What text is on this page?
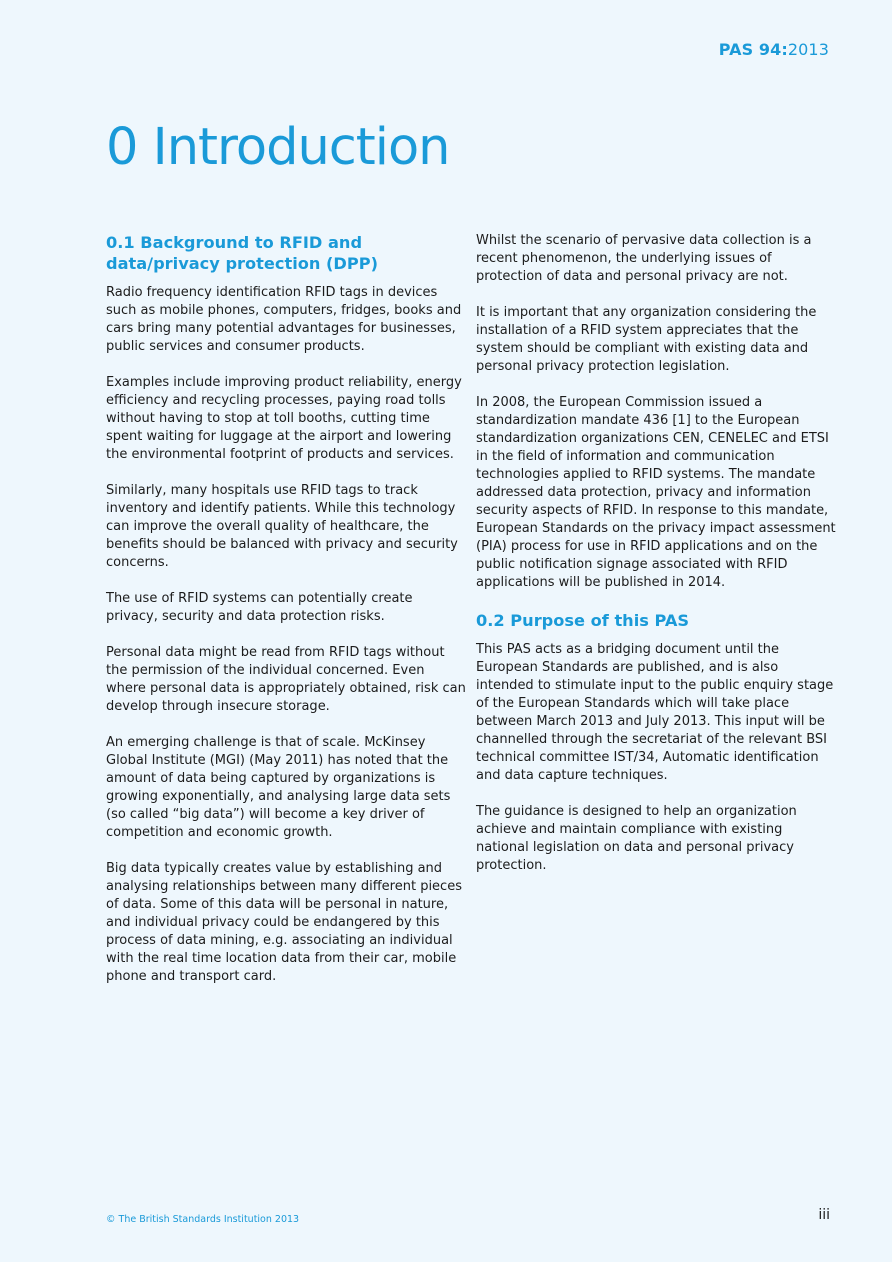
PAS 94:2013
0 Introduction
0.1 Background to RFID and data/privacy protection (DPP)

Radio frequency identification RFID tags in devices such as mobile phones, computers, fridges, books and cars bring many potential advantages for businesses, public services and consumer products.

Examples include improving product reliability, energy efficiency and recycling processes, paying road tolls without having to stop at toll booths, cutting time spent waiting for luggage at the airport and lowering the environmental footprint of products and services.

Similarly, many hospitals use RFID tags to track inventory and identify patients. While this technology can improve the overall quality of healthcare, the benefits should be balanced with privacy and security concerns.

The use of RFID systems can potentially create privacy, security and data protection risks.

Personal data might be read from RFID tags without the permission of the individual concerned. Even where personal data is appropriately obtained, risk can develop through insecure storage.

An emerging challenge is that of scale. McKinsey Global Institute (MGI) (May 2011) has noted that the amount of data being captured by organizations is growing exponentially, and analysing large data sets (so called “big data”) will become a key driver of competition and economic growth.

Big data typically creates value by establishing and analysing relationships between many different pieces of data. Some of this data will be personal in nature, and individual privacy could be endangered by this process of data mining, e.g. associating an individual with the real time location data from their car, mobile phone and transport card.

Whilst the scenario of pervasive data collection is a recent phenomenon, the underlying issues of protection of data and personal privacy are not.

It is important that any organization considering the installation of a RFID system appreciates that the system should be compliant with existing data and personal privacy protection legislation.

In 2008, the European Commission issued a standardization mandate 436 [1] to the European standardization organizations CEN, CENELEC and ETSI in the field of information and communication technologies applied to RFID systems. The mandate addressed data protection, privacy and information security aspects of RFID. In response to this mandate, European Standards on the privacy impact assessment (PIA) process for use in RFID applications and on the public notification signage associated with RFID applications will be published in 2014.

0.2 Purpose of this PAS

This PAS acts as a bridging document until the European Standards are published, and is also intended to stimulate input to the public enquiry stage of the European Standards which will take place between March 2013 and July 2013. This input will be channelled through the secretariat of the relevant BSI technical committee IST/34, Automatic identification and data capture techniques.

The guidance is designed to help an organization achieve and maintain compliance with existing national legislation on data and personal privacy protection.

© The British Standards Institution 2013	iii
